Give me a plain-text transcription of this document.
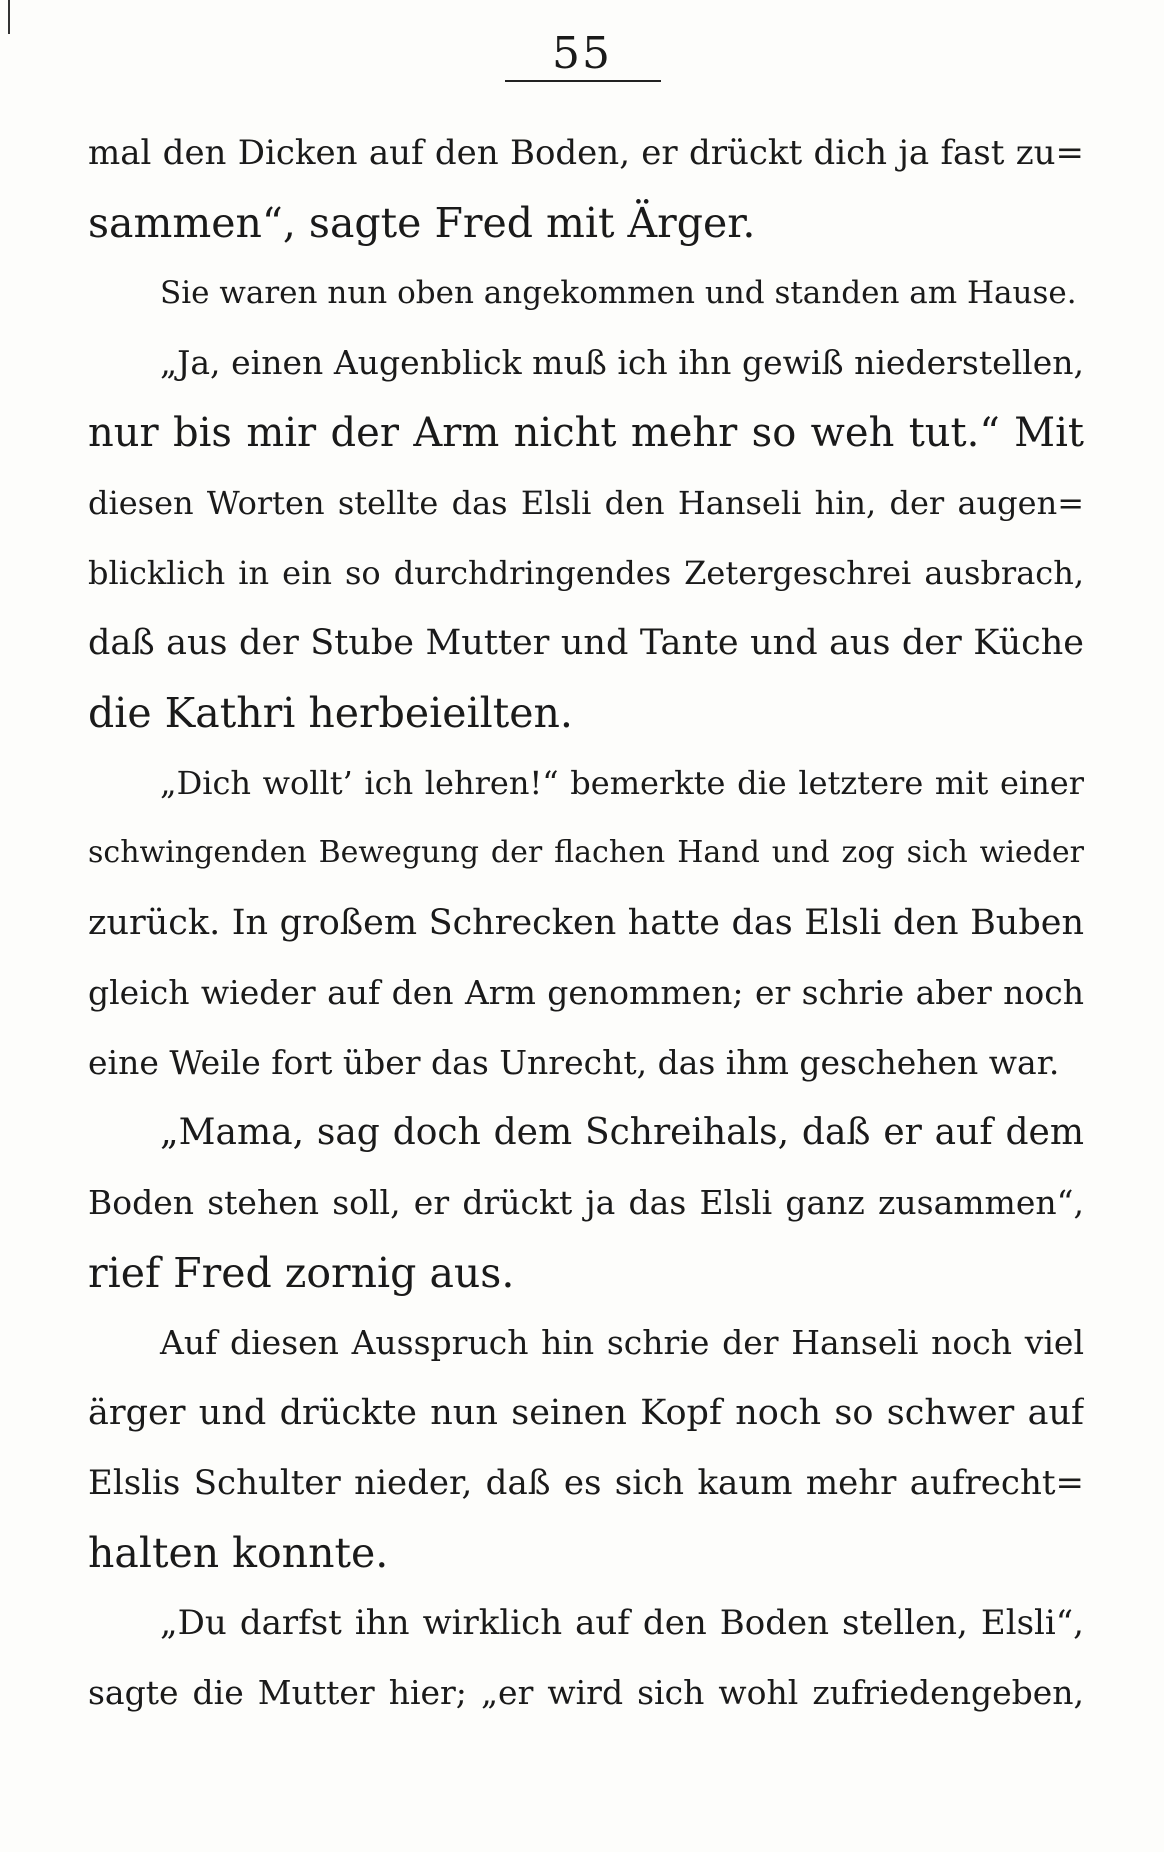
55
mal den Dicken auf den Boden, er drückt dich ja fast zu=
sammen“, sagte Fred mit Ärger.
Sie waren nun oben angekommen und standen am Hause.
„Ja, einen Augenblick muß ich ihn gewiß niederstellen,
nur bis mir der Arm nicht mehr so weh tut.“ Mit
diesen Worten stellte das Elsli den Hanseli hin, der augen=
blicklich in ein so durchdringendes Zetergeschrei ausbrach,
daß aus der Stube Mutter und Tante und aus der Küche
die Kathri herbeieilten.
„Dich wollt’ ich lehren!“ bemerkte die letztere mit einer
schwingenden Bewegung der flachen Hand und zog sich wieder
zurück. In großem Schrecken hatte das Elsli den Buben
gleich wieder auf den Arm genommen; er schrie aber noch
eine Weile fort über das Unrecht, das ihm geschehen war.
„Mama, sag doch dem Schreihals, daß er auf dem
Boden stehen soll, er drückt ja das Elsli ganz zusammen“,
rief Fred zornig aus.
Auf diesen Ausspruch hin schrie der Hanseli noch viel
ärger und drückte nun seinen Kopf noch so schwer auf
Elslis Schulter nieder, daß es sich kaum mehr aufrecht=
halten konnte.
„Du darfst ihn wirklich auf den Boden stellen, Elsli“,
sagte die Mutter hier; „er wird sich wohl zufriedengeben,
